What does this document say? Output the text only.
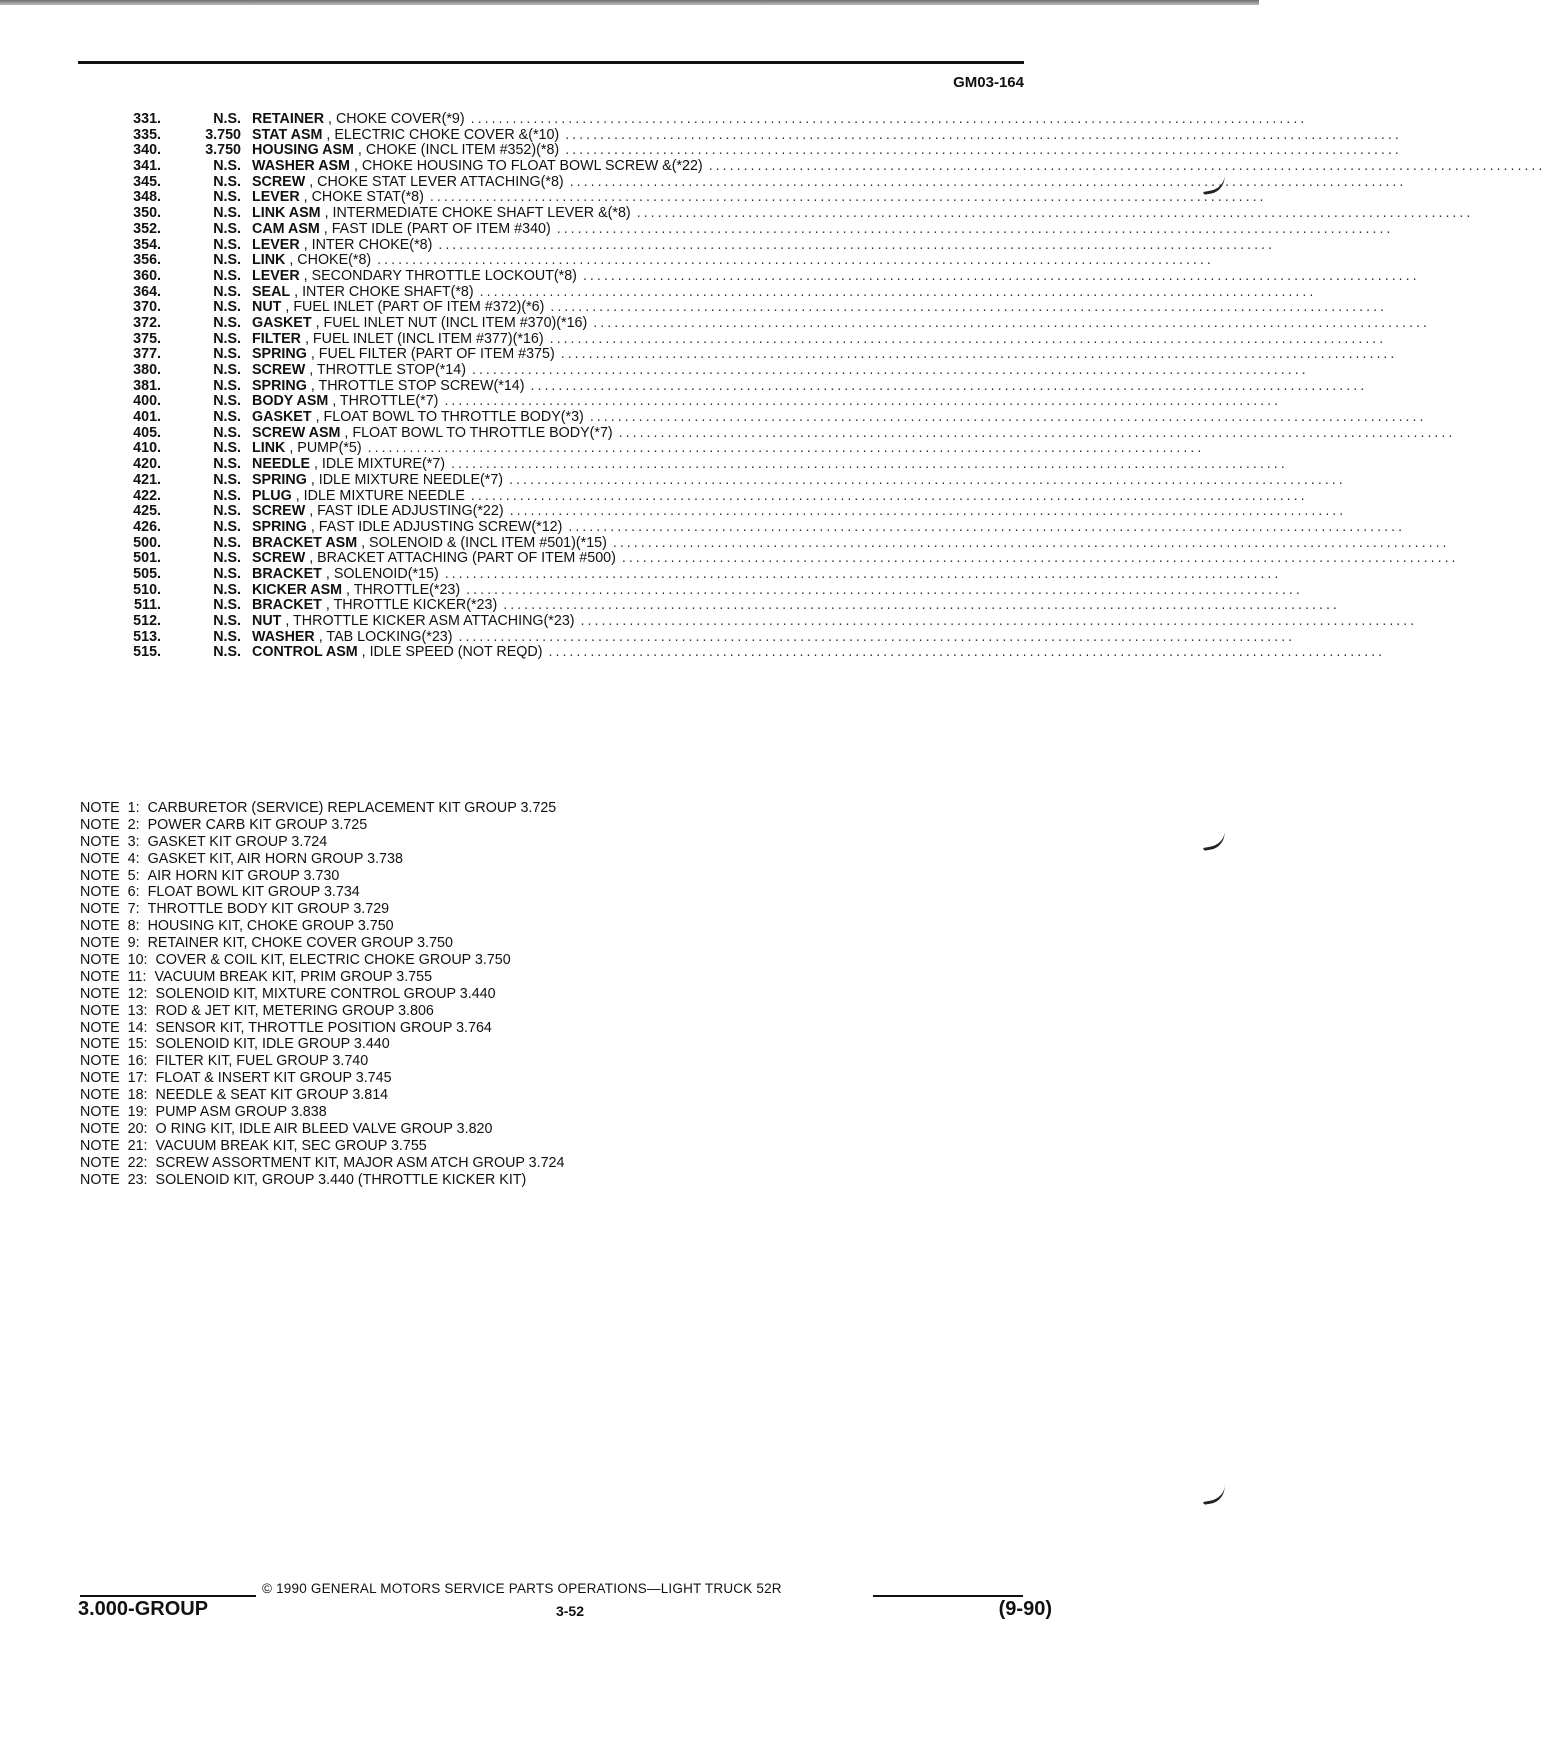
GM03-164
331.	N.S. RETAINER , CHOKE COVER(*9) ........................................................................................................................
335.	3.750 STAT ASM , ELECTRIC CHOKE COVER &(*10) ........................................................................................................................
340.	3.750 HOUSING ASM , CHOKE (INCL ITEM #352)(*8) ........................................................................................................................
341.	N.S. WASHER ASM , CHOKE HOUSING TO FLOAT BOWL SCREW &(*22) ........................................................................................................................
345.	N.S. SCREW , CHOKE STAT LEVER ATTACHING(*8) ........................................................................................................................
348.	N.S. LEVER , CHOKE STAT(*8) ........................................................................................................................
350.	N.S. LINK ASM , INTERMEDIATE CHOKE SHAFT LEVER &(*8) ........................................................................................................................
352.	N.S. CAM ASM , FAST IDLE (PART OF ITEM #340) ........................................................................................................................
354.	N.S. LEVER , INTER CHOKE(*8) ........................................................................................................................
356.	N.S. LINK , CHOKE(*8) ........................................................................................................................
360.	N.S. LEVER , SECONDARY THROTTLE LOCKOUT(*8) ........................................................................................................................
364.	N.S. SEAL , INTER CHOKE SHAFT(*8) ........................................................................................................................
370.	N.S. NUT , FUEL INLET (PART OF ITEM #372)(*6) ........................................................................................................................
372.	N.S. GASKET , FUEL INLET NUT (INCL ITEM #370)(*16) ........................................................................................................................
375.	N.S. FILTER , FUEL INLET (INCL ITEM #377)(*16) ........................................................................................................................
377.	N.S. SPRING , FUEL FILTER (PART OF ITEM #375) ........................................................................................................................
380.	N.S. SCREW , THROTTLE STOP(*14) ........................................................................................................................
381.	N.S. SPRING , THROTTLE STOP SCREW(*14) ........................................................................................................................
400.	N.S. BODY ASM , THROTTLE(*7) ........................................................................................................................
401.	N.S. GASKET , FLOAT BOWL TO THROTTLE BODY(*3) ........................................................................................................................
405.	N.S. SCREW ASM , FLOAT BOWL TO THROTTLE BODY(*7) ........................................................................................................................
410.	N.S. LINK , PUMP(*5) ........................................................................................................................
420.	N.S. NEEDLE , IDLE MIXTURE(*7) ........................................................................................................................
421.	N.S. SPRING , IDLE MIXTURE NEEDLE(*7) ........................................................................................................................
422.	N.S. PLUG , IDLE MIXTURE NEEDLE ........................................................................................................................
425.	N.S. SCREW , FAST IDLE ADJUSTING(*22) ........................................................................................................................
426.	N.S. SPRING , FAST IDLE ADJUSTING SCREW(*12) ........................................................................................................................
500.	N.S. BRACKET ASM , SOLENOID & (INCL ITEM #501)(*15) ........................................................................................................................
501.	N.S. SCREW , BRACKET ATTACHING (PART OF ITEM #500) ........................................................................................................................
505.	N.S. BRACKET , SOLENOID(*15) ........................................................................................................................
510.	N.S. KICKER ASM , THROTTLE(*23) ........................................................................................................................
511.	N.S. BRACKET , THROTTLE KICKER(*23) ........................................................................................................................
512.	N.S. NUT , THROTTLE KICKER ASM ATTACHING(*23) ........................................................................................................................
513.	N.S. WASHER , TAB LOCKING(*23) ........................................................................................................................
515.	N.S. CONTROL ASM , IDLE SPEED (NOT REQD) ........................................................................................................................
NOTE  1: CARBURETOR (SERVICE) REPLACEMENT KIT GROUP 3.725
NOTE  2: POWER CARB KIT GROUP 3.725
NOTE  3: GASKET KIT GROUP 3.724
NOTE  4: GASKET KIT, AIR HORN GROUP 3.738
NOTE  5: AIR HORN KIT GROUP 3.730
NOTE  6: FLOAT BOWL KIT GROUP 3.734
NOTE  7: THROTTLE BODY KIT GROUP 3.729
NOTE  8: HOUSING KIT, CHOKE GROUP 3.750
NOTE  9: RETAINER KIT, CHOKE COVER GROUP 3.750
NOTE  10: COVER & COIL KIT, ELECTRIC CHOKE GROUP 3.750
NOTE  11: VACUUM BREAK KIT, PRIM GROUP 3.755
NOTE  12: SOLENOID KIT, MIXTURE CONTROL GROUP 3.440
NOTE  13: ROD & JET KIT, METERING GROUP 3.806
NOTE  14: SENSOR KIT, THROTTLE POSITION GROUP 3.764
NOTE  15: SOLENOID KIT, IDLE GROUP 3.440
NOTE  16: FILTER KIT, FUEL GROUP 3.740
NOTE  17: FLOAT & INSERT KIT GROUP 3.745
NOTE  18: NEEDLE & SEAT KIT GROUP 3.814
NOTE  19: PUMP ASM GROUP 3.838
NOTE  20: O RING KIT, IDLE AIR BLEED VALVE GROUP 3.820
NOTE  21: VACUUM BREAK KIT, SEC GROUP 3.755
NOTE  22: SCREW ASSORTMENT KIT, MAJOR ASM ATCH GROUP 3.724
NOTE  23: SOLENOID KIT, GROUP 3.440 (THROTTLE KICKER KIT)
© 1990 GENERAL MOTORS SERVICE PARTS OPERATIONS—LIGHT TRUCK 52R
3.000-GROUP	3-52	(9-90)
